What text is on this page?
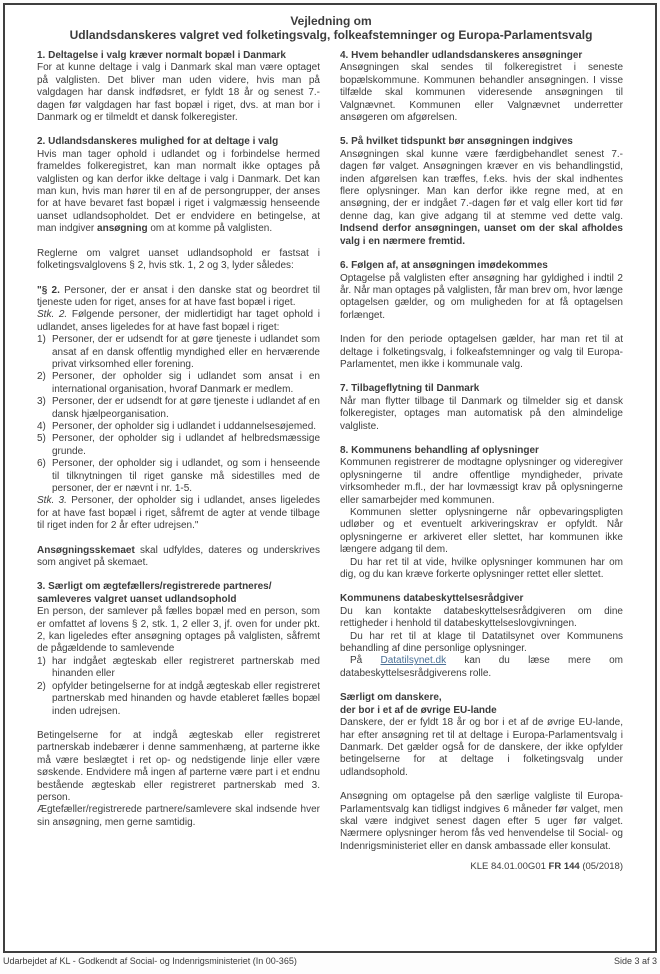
Vejledning om
Udlandsdanskeres valgret ved folketingsvalg, folkeafstemninger og Europa-Parlamentsvalg
1. Deltagelse i valg kræver normalt bopæl i Danmark
For at kunne deltage i valg i Danmark skal man være optaget på valglisten. Det bliver man uden videre, hvis man på valgdagen har dansk indfødsret, er fyldt 18 år og senest 7.-dagen før valgdagen har fast bopæl i riget, dvs. at man bor i Danmark og er tilmeldt et dansk folkeregister.
2. Udlandsdanskeres mulighed for at deltage i valg
Hvis man tager ophold i udlandet og i forbindelse hermed frameldes folkeregistret, kan man normalt ikke optages på valglisten og kan derfor ikke deltage i valg i Danmark. Det kan man kun, hvis man hører til en af de persongrupper, der anses for at have bevaret fast bopæl i riget i valgmæssig henseende uanset udlandsopholdet. Det er endvidere en betingelse, at man indgiver ansøgning om at komme på valglisten.
Reglerne om valgret uanset udlandsophold er fastsat i folketingsvalglovens § 2, hvis stk. 1, 2 og 3, lyder således:
"§ 2. Personer, der er ansat i den danske stat og beordret til tjeneste uden for riget, anses for at have fast bopæl i riget.
Stk. 2. Følgende personer, der midlertidigt har taget ophold i udlandet, anses ligeledes for at have fast bopæl i riget:
1) Personer, der er udsendt for at gøre tjeneste i udlandet som ansat af en dansk offentlig myndighed eller en herværende privat virksomhed eller forening.
2) Personer, der opholder sig i udlandet som ansat i en international organisation, hvoraf Danmark er medlem.
3) Personer, der er udsendt for at gøre tjeneste i udlandet af en dansk hjælpeorganisation.
4) Personer, der opholder sig i udlandet i uddannelsesøjemed.
5) Personer, der opholder sig i udlandet af helbredsmæssige grunde.
6) Personer, der opholder sig i udlandet, og som i henseende til tilknytningen til riget ganske må sidestilles med de personer, der er nævnt i nr. 1-5.
Stk. 3. Personer, der opholder sig i udlandet, anses ligeledes for at have fast bopæl i riget, såfremt de agter at vende tilbage til riget inden for 2 år efter udrejsen."
Ansøgningsskemaet skal udfyldes, dateres og underskrives som angivet på skemaet.
3. Særligt om ægtefællers/registrerede partneres/
samleveres valgret uanset udlandsophold
En person, der samlever på fælles bopæl med en person, som er omfattet af lovens § 2, stk. 1, 2 eller 3, jf. oven for under pkt. 2, kan ligeledes efter ansøgning optages på valglisten, såfremt de pågældende to samlevende
1) har indgået ægteskab eller registreret partnerskab med hinanden eller
2) opfylder betingelserne for at indgå ægteskab eller registreret partnerskab med hinanden og havde etableret fælles bopæl inden udrejsen.
Betingelserne for at indgå ægteskab eller registreret partnerskab indebærer i denne sammenhæng, at parterne ikke må være beslægtet i ret op- og nedstigende linje eller være søskende. Endvidere må ingen af parterne være part i et endnu bestående ægteskab eller registreret partnerskab med 3. person.
Ægtefæller/registrerede partnere/samlevere skal indsende hver sin ansøgning, men gerne samtidig.
4. Hvem behandler udlandsdanskeres ansøgninger
Ansøgningen skal sendes til folkeregistret i seneste bopælskommune. Kommunen behandler ansøgningen. I visse tilfælde skal kommunen videresende ansøgningen til Valgnævnet. Kommunen eller Valgnævnet underretter ansøgeren om afgørelsen.
5. På hvilket tidspunkt bør ansøgningen indgives
Ansøgningen skal kunne være færdigbehandlet senest 7.-dagen før valget. Ansøgningen kræver en vis behandlingstid, inden afgørelsen kan træffes, f.eks. hvis der skal indhentes flere oplysninger. Man kan derfor ikke regne med, at en ansøgning, der er indgået 7.-dagen før et valg eller kort tid før denne dag, kan give adgang til at stemme ved dette valg. Indsend derfor ansøgningen, uanset om der skal afholdes valg i en nærmere fremtid.
6. Følgen af, at ansøgningen imødekommes
Optagelse på valglisten efter ansøgning har gyldighed i indtil 2 år. Når man optages på valglisten, får man brev om, hvor længe optagelsen gælder, og om muligheden for at få optagelsen forlænget.
Inden for den periode optagelsen gælder, har man ret til at deltage i folketingsvalg, i folkeafstemninger og valg til Europa-Parlamentet, men ikke i kommunale valg.
7. Tilbageflytning til Danmark
Når man flytter tilbage til Danmark og tilmelder sig et dansk folkeregister, optages man automatisk på den almindelige valgliste.
8. Kommunens behandling af oplysninger
Kommunen registrerer de modtagne oplysninger og videregiver oplysningerne til andre offentlige myndigheder, private virksomheder m.fl., der har lovmæssigt krav på oplysningerne eller samarbejder med kommunen.
Kommunen sletter oplysningerne når opbevaringspligten udløber og et eventuelt arkiveringskrav er opfyldt. Når oplysningerne er arkiveret eller slettet, har kommunen ikke længere adgang til dem.
Du har ret til at vide, hvilke oplysninger kommunen har om dig, og du kan kræve forkerte oplysninger rettet eller slettet.
Kommunens databeskyttelsesrådgiver
Du kan kontakte databeskyttelsesrådgiveren om dine rettigheder i henhold til databeskyttelseslovgivningen.
Du har ret til at klage til Datatilsynet over Kommunens behandling af dine personlige oplysninger.
På Datatilsynet.dk kan du læse mere om databeskyttelsesrådgiverens rolle.
Særligt om danskere,
der bor i et af de øvrige EU-lande
Danskere, der er fyldt 18 år og bor i et af de øvrige EU-lande, har efter ansøgning ret til at deltage i Europa-Parlamentsvalg i Danmark. Det gælder også for de danskere, der ikke opfylder betingelserne for at deltage i folketingsvalg under udlandsophold.
Ansøgning om optagelse på den særlige valgliste til Europa-Parlamentsvalg kan tidligst indgives 6 måneder før valget, men skal være indgivet senest dagen efter 5 uger før valget. Nærmere oplysninger herom fås ved henvendelse til Social- og Indenrigsministeriet eller en dansk ambassade eller konsulat.
KLE 84.01.00G01 FR 144 (05/2018)
Udarbejdet af KL - Godkendt af Social- og Indenrigsministeriet (In 00-365)	Side 3 af 3
